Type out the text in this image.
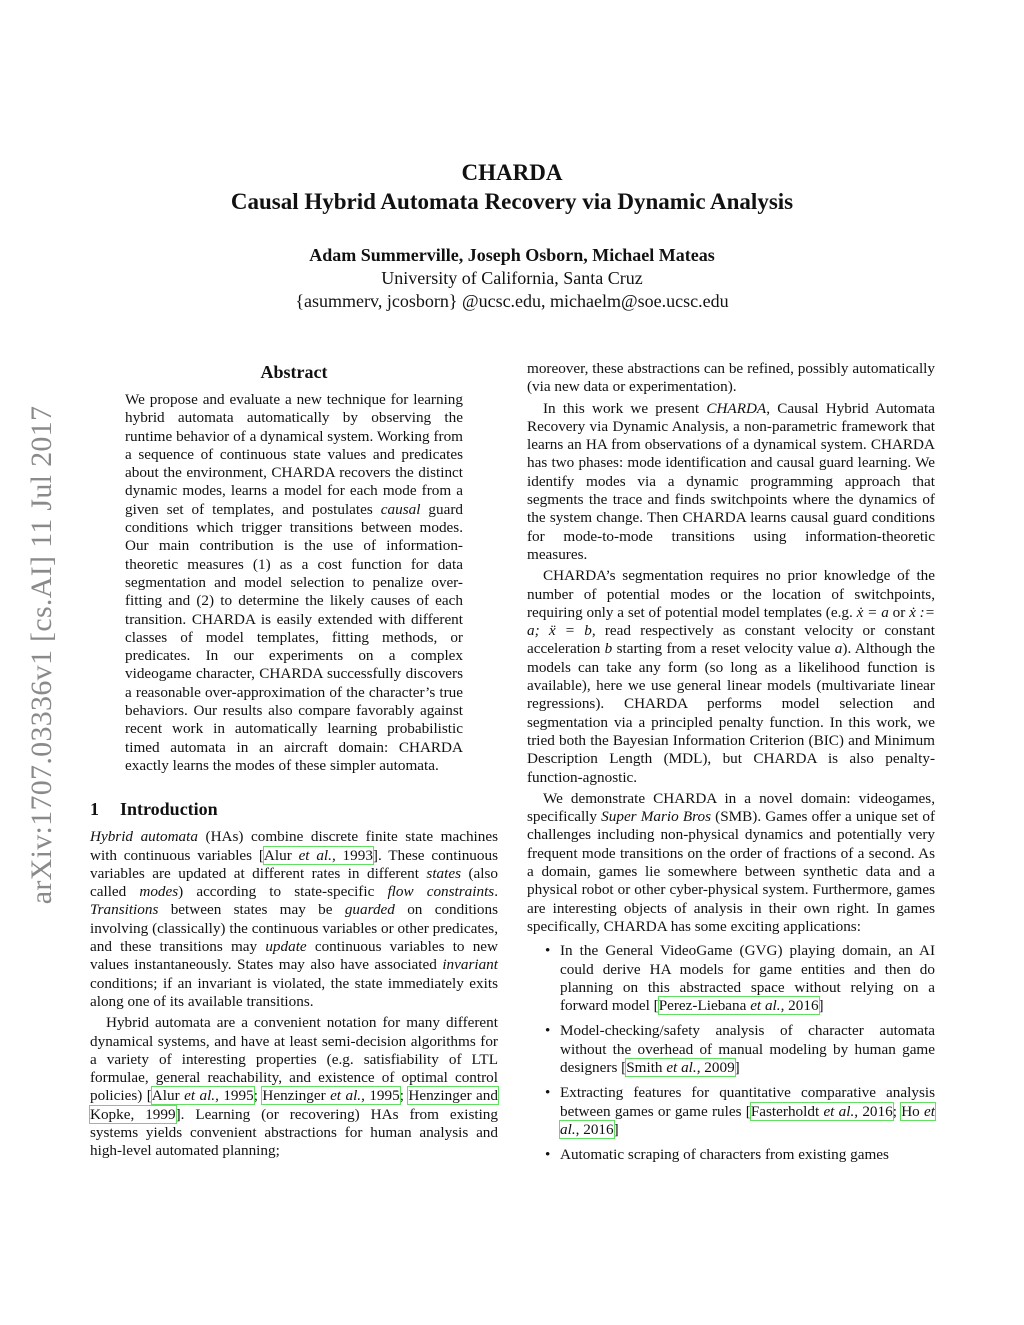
arXiv:1707.03336v1 [cs.AI] 11 Jul 2017
CHARDA
Causal Hybrid Automata Recovery via Dynamic Analysis
Adam Summerville, Joseph Osborn, Michael Mateas
University of California, Santa Cruz
{asummerv, jcosborn} @ucsc.edu, michaelm@soe.ucsc.edu
Abstract

We propose and evaluate a new technique for learning hybrid automata automatically by observing the runtime behavior of a dynamical system. Working from a sequence of continuous state values and predicates about the environment, CHARDA recovers the distinct dynamic modes, learns a model for each mode from a given set of templates, and postulates causal guard conditions which trigger transitions between modes. Our main contribution is the use of information-theoretic measures (1) as a cost function for data segmentation and model selection to penalize over-fitting and (2) to determine the likely causes of each transition. CHARDA is easily extended with different classes of model templates, fitting methods, or predicates. In our experiments on a complex videogame character, CHARDA successfully discovers a reasonable over-approximation of the character’s true behaviors. Our results also compare favorably against recent work in automatically learning probabilistic timed automata in an aircraft domain: CHARDA exactly learns the modes of these simpler automata.

1 Introduction

Hybrid automata (HAs) combine discrete finite state machines with continuous variables [Alur et al., 1993]. These continuous variables are updated at different rates in different states (also called modes) according to state-specific flow constraints. Transitions between states may be guarded on conditions involving (classically) the continuous variables or other predicates, and these transitions may update continuous variables to new values instantaneously. States may also have associated invariant conditions; if an invariant is violated, the state immediately exits along one of its available transitions.

Hybrid automata are a convenient notation for many different dynamical systems, and have at least semi-decision algorithms for a variety of interesting properties (e.g. satisfiability of LTL formulae, general reachability, and existence of optimal control policies) [Alur et al., 1995; Henzinger et al., 1995; Henzinger and Kopke, 1999]. Learning (or recovering) HAs from existing systems yields convenient abstractions for human analysis and high-level automated planning;

moreover, these abstractions can be refined, possibly automatically (via new data or experimentation).

In this work we present CHARDA, Causal Hybrid Automata Recovery via Dynamic Analysis, a non-parametric framework that learns an HA from observations of a dynamical system. CHARDA has two phases: mode identification and causal guard learning. We identify modes via a dynamic programming approach that segments the trace and finds switchpoints where the dynamics of the system change. Then CHARDA learns causal guard conditions for mode-to-mode transitions using information-theoretic measures.

CHARDA’s segmentation requires no prior knowledge of the number of potential modes or the location of switchpoints, requiring only a set of potential model templates (e.g. ẋ = a or ẋ := a; ẍ = b, read respectively as constant velocity or constant acceleration b starting from a reset velocity value a). Although the models can take any form (so long as a likelihood function is available), here we use general linear models (multivariate linear regressions). CHARDA performs model selection and segmentation via a principled penalty function. In this work, we tried both the Bayesian Information Criterion (BIC) and Minimum Description Length (MDL), but CHARDA is also penalty-function-agnostic.

We demonstrate CHARDA in a novel domain: videogames, specifically Super Mario Bros (SMB). Games offer a unique set of challenges including non-physical dynamics and potentially very frequent mode transitions on the order of fractions of a second. As a domain, games lie somewhere between synthetic data and a physical robot or other cyber-physical system. Furthermore, games are interesting objects of analysis in their own right. In games specifically, CHARDA has some exciting applications:

• In the General VideoGame (GVG) playing domain, an AI could derive HA models for game entities and then do planning on this abstracted space without relying on a forward model [Perez-Liebana et al., 2016]
• Model-checking/safety analysis of character automata without the overhead of manual modeling by human game designers [Smith et al., 2009]
• Extracting features for quantitative comparative analysis between games or game rules [Fasterholdt et al., 2016; Ho et al., 2016]
• Automatic scraping of characters from existing games
